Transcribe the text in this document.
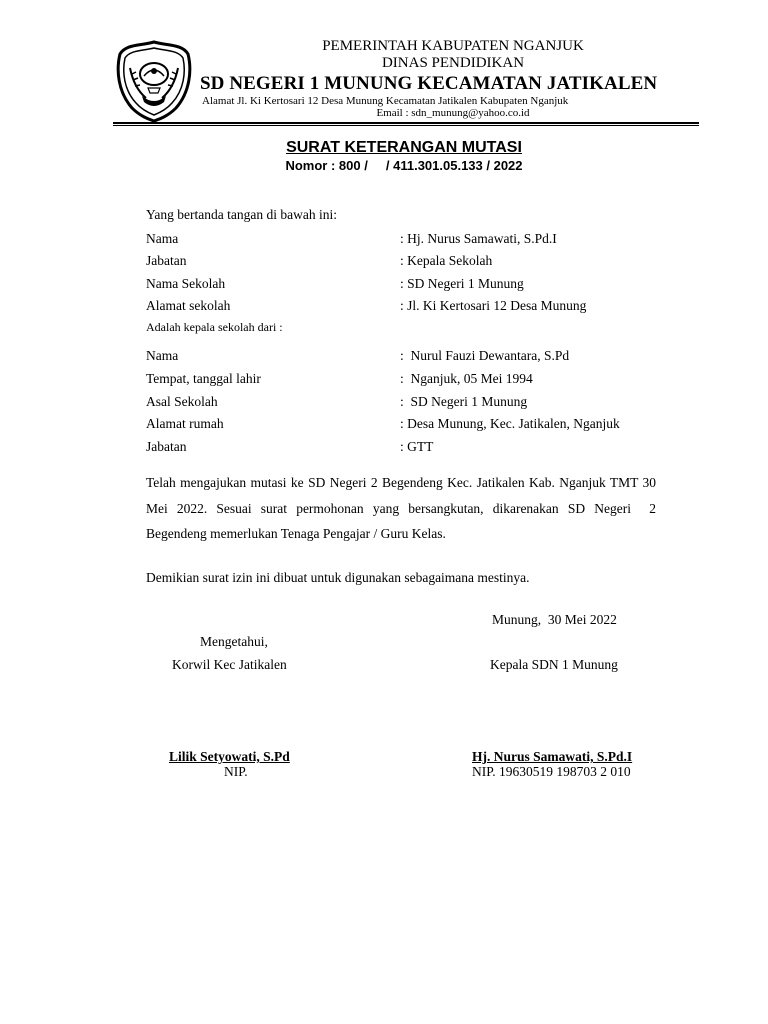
PEMERINTAH KABUPATEN NGANJUK
DINAS PENDIDIKAN
SD NEGERI 1 MUNUNG KECAMATAN JATIKALEN
Alamat Jl. Ki Kertosari 12 Desa Munung Kecamatan Jatikalen Kabupaten Nganjuk
Email : sdn_munung@yahoo.co.id
SURAT KETERANGAN MUTASI
Nomor : 800 /     / 411.301.05.133 / 2022
Yang bertanda tangan di bawah ini:
Nama	: Hj. Nurus Samawati, S.Pd.I
Jabatan	: Kepala Sekolah
Nama Sekolah	: SD Negeri 1 Munung
Alamat sekolah	: Jl. Ki Kertosari 12 Desa Munung
Adalah kepala sekolah dari :
Nama	:  Nurul Fauzi Dewantara, S.Pd
Tempat, tanggal lahir	:  Nganjuk, 05 Mei 1994
Asal Sekolah	:  SD Negeri 1 Munung
Alamat rumah	: Desa Munung, Kec. Jatikalen, Nganjuk
Jabatan	: GTT
Telah mengajukan mutasi ke SD Negeri 2 Begendeng Kec. Jatikalen Kab. Nganjuk TMT 30 Mei 2022. Sesuai surat permohonan yang bersangkutan, dikarenakan SD Negeri  2 Begendeng memerlukan Tenaga Pengajar / Guru Kelas.
Demikian surat izin ini dibuat untuk digunakan sebagaimana mestinya.
Munung,  30 Mei 2022
Mengetahui,
Korwil Kec Jatikalen
Lilik Setyowati, S.Pd
NIP.
Kepala SDN 1 Munung
Hj. Nurus Samawati, S.Pd.I
NIP. 19630519 198703 2 010
